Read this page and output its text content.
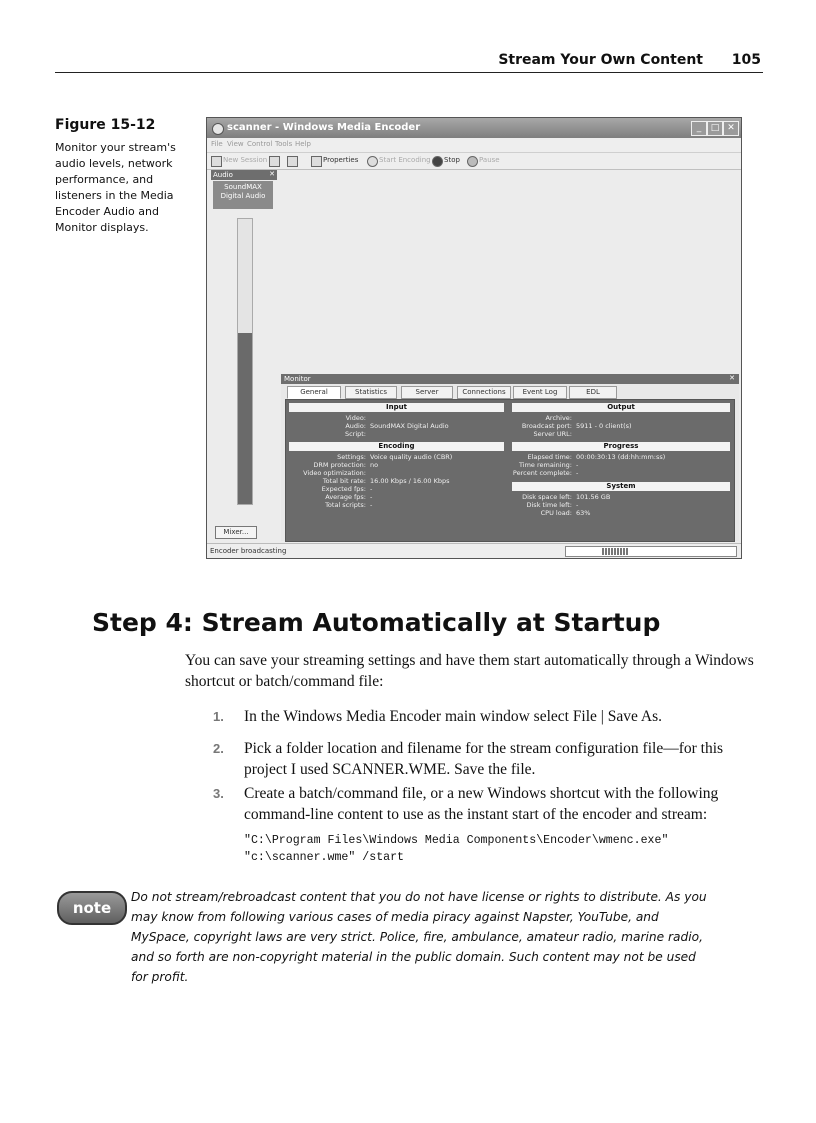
Stream Your Own Content 105
Figure 15-12
Monitor your stream's audio levels, network performance, and listeners in the Media Encoder Audio and Monitor displays.
scanner - Windows Media Encoder	_	□ ✕
File View Control Tools Help
New Session	Properties	Start Encoding Stop	Pause
Audio	✕
SoundMAX Digital Audio
Mixer...
Monitor	✕
General	Statistics	Server	Connections	Event Log	EDL
Input
Video:
Audio: SoundMAX Digital Audio
Script:
Output
Archive:
Broadcast port: 5911 - 0 client(s)
Server URL:
Encoding
Settings: Voice quality audio (CBR)
DRM protection: no
Video optimization:
Total bit rate: 16.00 Kbps / 16.00 Kbps
Expected fps: -
Average fps: -
Total scripts: -
Progress
Elapsed time: 00:00:30:13 (dd:hh:mm:ss)
Time remaining: -
Percent complete: -
System
Disk space left: 101.56 GB
Disk time left: -
CPU load: 63%
Encoder broadcasting
Step 4: Stream Automatically at Startup
You can save your streaming settings and have them start automatically through a Windows shortcut or batch/command file:
1.	In the Windows Media Encoder main window select File | Save As.
2.	Pick a folder location and filename for the stream configuration file—for this project I used SCANNER.WME. Save the file.
3.	Create a batch/command file, or a new Windows shortcut with the following command-line content to use as the instant start of the encoder and stream:
"C:\Program Files\Windows Media Components\Encoder\wmenc.exe"
"c:\scanner.wme" /start
note
Do not stream/rebroadcast content that you do not have license or rights to distribute. As you may know from following various cases of media piracy against Napster, YouTube, and MySpace, copyright laws are very strict. Police, fire, ambulance, amateur radio, marine radio, and so forth are non-copyright material in the public domain. Such content may not be used for profit.
